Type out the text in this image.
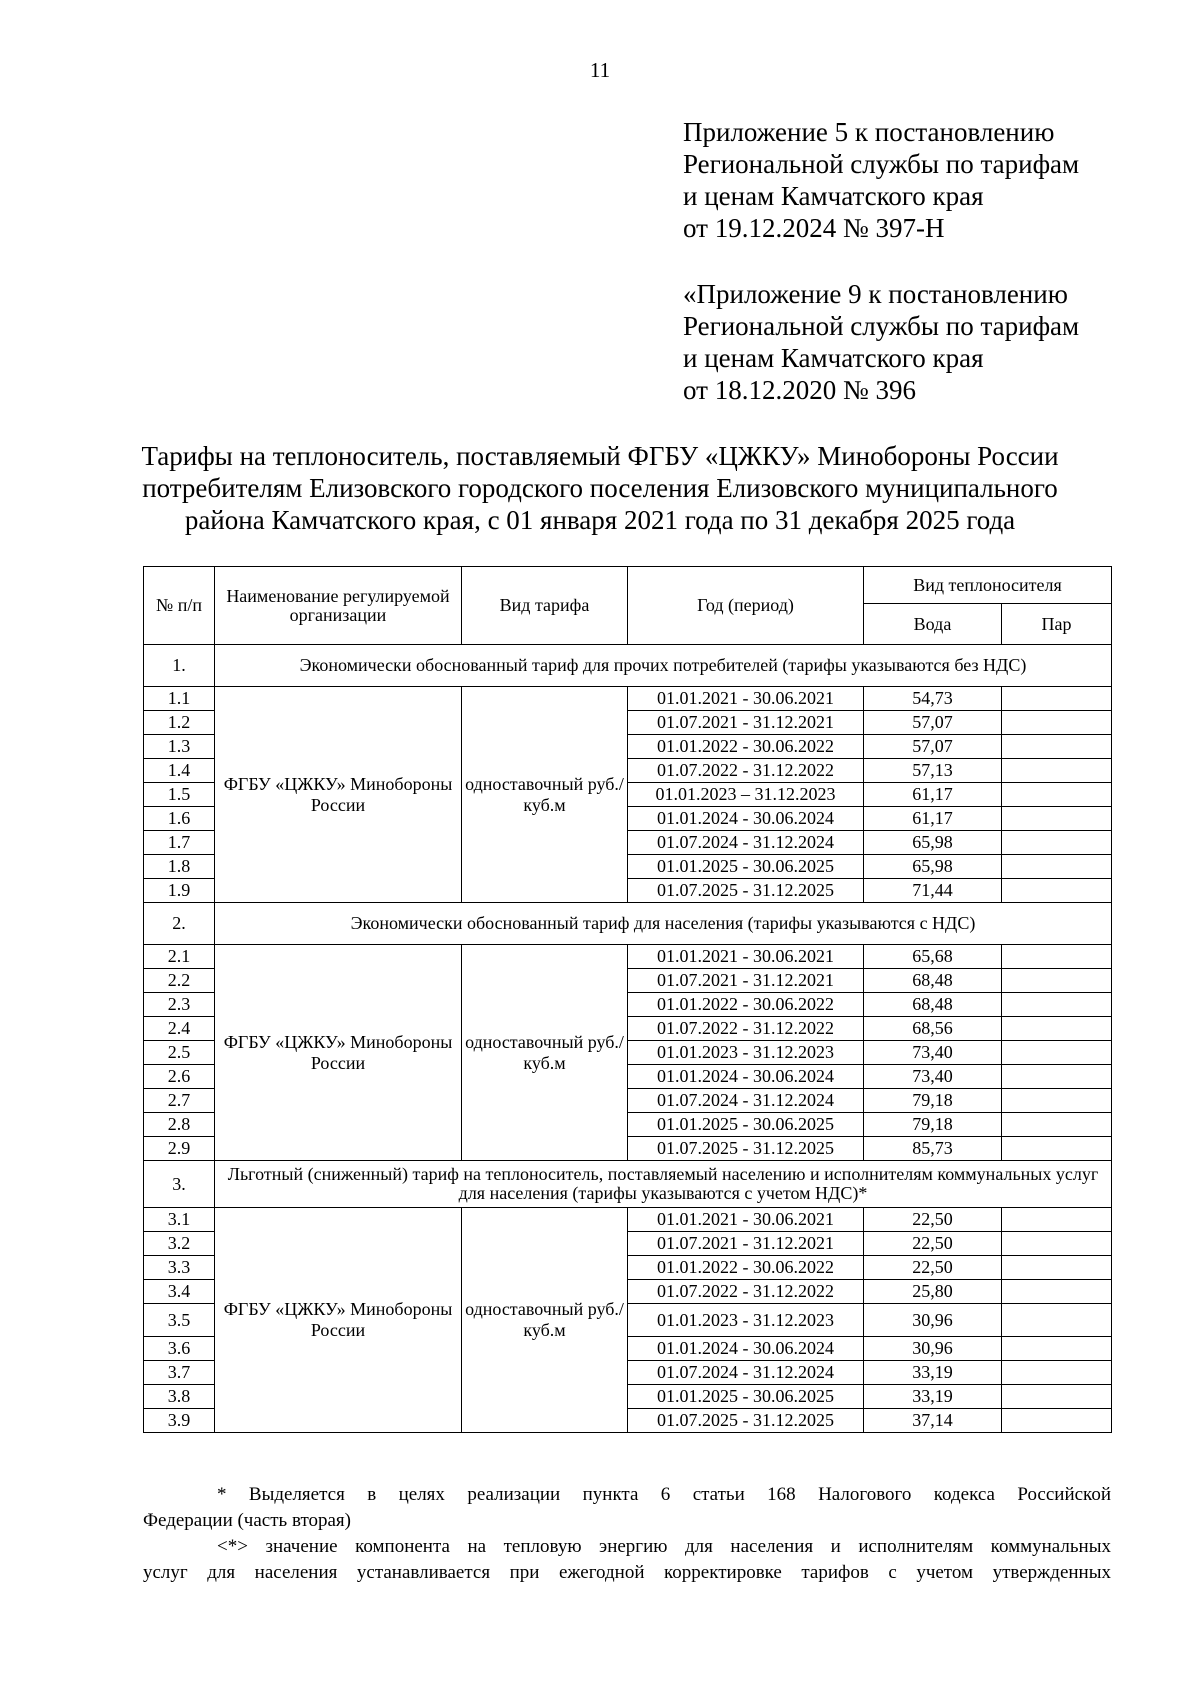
11
Приложение 5 к постановлению
Региональной службы по тарифам
и ценам Камчатского края
от 19.12.2024 № 397-Н
«Приложение 9 к постановлению
Региональной службы по тарифам
и ценам Камчатского края
от 18.12.2020 № 396
Тарифы на теплоноситель, поставляемый ФГБУ «ЦЖКУ» Минобороны России
потребителям Елизовского городского поселения Елизовского муниципального
района Камчатского края, с 01 января 2021 года по 31 декабря 2025 года
№ п/п	Наименование регулируемой организации	Вид тарифа	Год (период)	Вид теплоносителя	
				Вода	Пар
1.	Экономически обоснованный тариф для прочих потребителей (тарифы указываются без НДС)				
1.1	ФГБУ «ЦЖКУ» Минобороны России	одноставочный руб./куб.м	01.01.2021 - 30.06.2021	54,73	
1.2			01.07.2021 - 31.12.2021	57,07	
1.3			01.01.2022 - 30.06.2022	57,07	
1.4			01.07.2022 - 31.12.2022	57,13	
1.5			01.01.2023 – 31.12.2023	61,17	
1.6			01.01.2024 - 30.06.2024	61,17	
1.7			01.07.2024 - 31.12.2024	65,98	
1.8			01.01.2025 - 30.06.2025	65,98	
1.9			01.07.2025 - 31.12.2025	71,44	
2.	Экономически обоснованный тариф для населения (тарифы указываются с НДС)				
2.1	ФГБУ «ЦЖКУ» Минобороны России	одноставочный руб./куб.м	01.01.2021 - 30.06.2021	65,68	
2.2			01.07.2021 - 31.12.2021	68,48	
2.3			01.01.2022 - 30.06.2022	68,48	
2.4			01.07.2022 - 31.12.2022	68,56	
2.5			01.01.2023 - 31.12.2023	73,40	
2.6			01.01.2024 - 30.06.2024	73,40	
2.7			01.07.2024 - 31.12.2024	79,18	
2.8			01.01.2025 - 30.06.2025	79,18	
2.9			01.07.2025 - 31.12.2025	85,73	
3.	Льготный (сниженный) тариф на теплоноситель, поставляемый населению и исполнителям коммунальных услуг для населения (тарифы указываются с учетом НДС)*				
3.1	ФГБУ «ЦЖКУ» Минобороны России	одноставочный руб./куб.м	01.01.2021 - 30.06.2021	22,50	
3.2			01.07.2021 - 31.12.2021	22,50	
3.3			01.01.2022 - 30.06.2022	22,50	
3.4			01.07.2022 - 31.12.2022	25,80	
3.5			01.01.2023 - 31.12.2023	30,96	
3.6			01.01.2024 - 30.06.2024	30,96	
3.7			01.07.2024 - 31.12.2024	33,19	
3.8			01.01.2025 - 30.06.2025	33,19	
3.9			01.07.2025 - 31.12.2025	37,14	
* Выделяется в целях реализации пункта 6 статьи 168 Налогового кодекса Российской
Федерации (часть вторая)
<*> значение компонента на тепловую энергию для населения и исполнителям коммунальных
услуг для населения устанавливается при ежегодной корректировке тарифов с учетом утвержденных
